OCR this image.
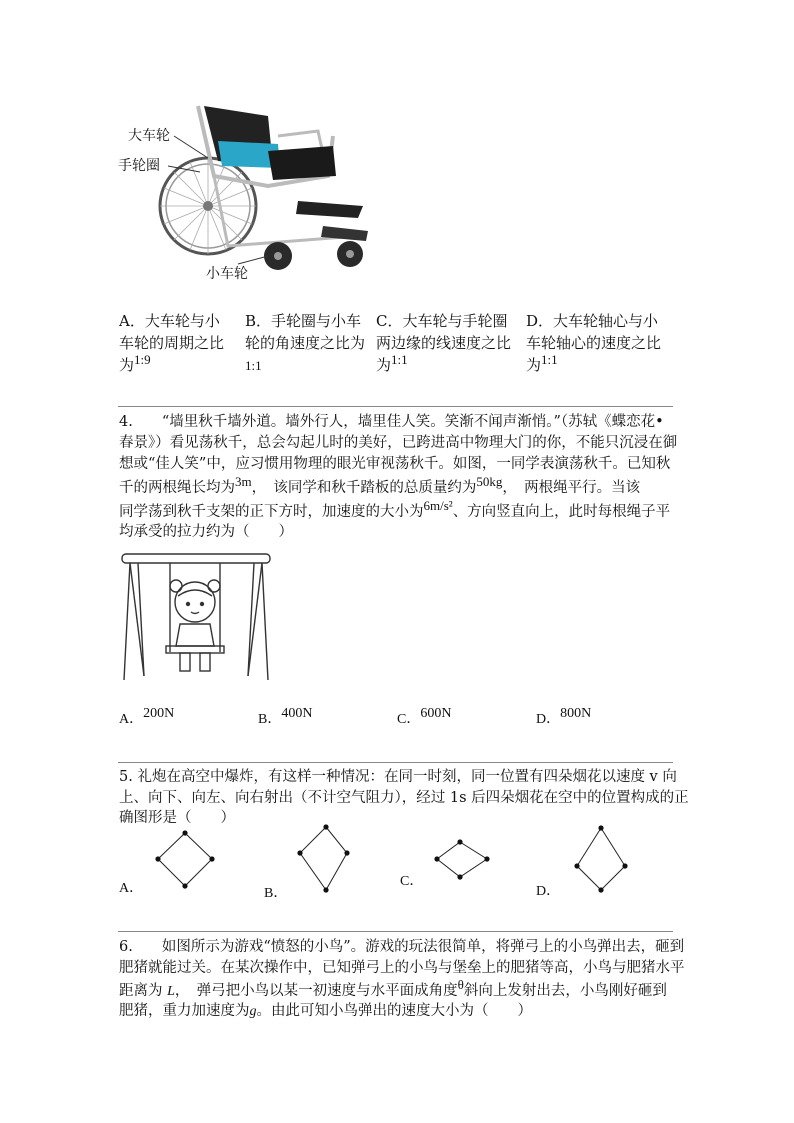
大车轮
手轮圈
小车轮
A．大车轮与小
车轮的周期之比
为1:9
B．手轮圈与小车
轮的角速度之比为
1:1
C．大车轮与手轮圈
两边缘的线速度之比
为1:1
D．大车轮轴心与小
车轮轴心的速度之比
为1:1
4.　　“墙里秋千墙外道。墙外行人，墙里佳人笑。笑渐不闻声渐悄。”（苏轼《蝶恋花•
春景》）看见荡秋千，总会勾起儿时的美好，已跨进高中物理大门的你，不能只沉浸在御
想或“佳人笑”中，应习惯用物理的眼光审视荡秋千。如图，一同学表演荡秋千。已知秋
千的两根绳长均为3m，　该同学和秋千踏板的总质量约为50kg，　两根绳平行。当该
同学荡到秋千支架的正下方时，加速度的大小为6m/s²、方向竖直向上，此时每根绳子平
均承受的拉力约为（　　）
A．200N	B．400N	C．600N	D．800N
5. 礼炮在高空中爆炸，有这样一种情况：在同一时刻，同一位置有四朵烟花以速度 v 向
上、向下、向左、向右射出（不计空气阻力），经过 1s 后四朵烟花在空中的位置构成的正
确图形是（　　）
A．	B．
C．
D．
6.　　如图所示为游戏“愤怒的小鸟”。游戏的玩法很简单，将弹弓上的小鸟弹出去，砸到
肥猪就能过关。在某次操作中，已知弹弓上的小鸟与堡垒上的肥猪等高，小鸟与肥猪水平
距离为 L，　弹弓把小鸟以某一初速度与水平面成角度θ斜向上发射出去，小鸟刚好砸到
肥猪，重力加速度为g。由此可知小鸟弹出的速度大小为（　　）
